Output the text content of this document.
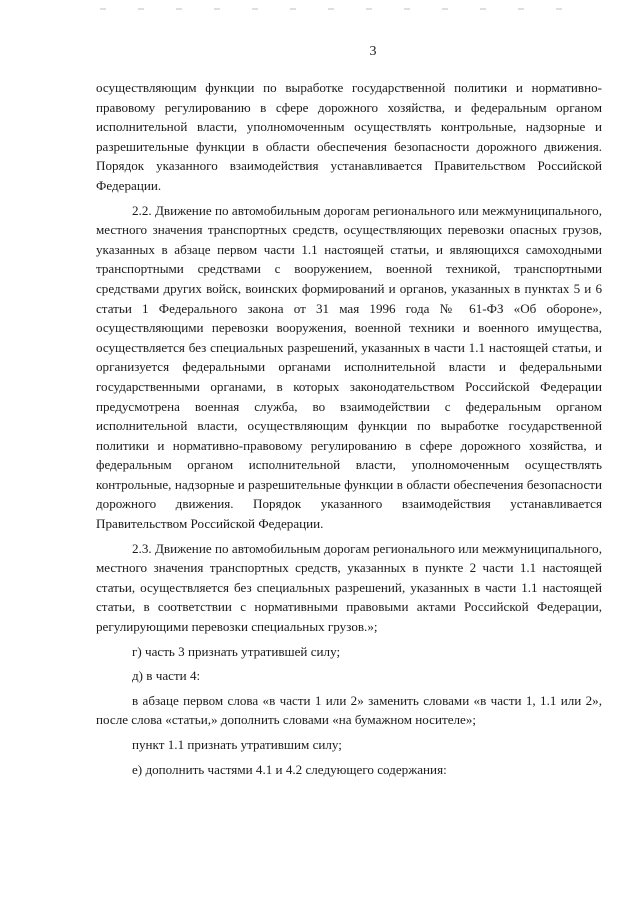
3

осуществляющим функции по выработке государственной политики и нормативно-правовому регулированию в сфере дорожного хозяйства, и федеральным органом исполнительной власти, уполномоченным осуществлять контрольные, надзорные и разрешительные функции в области обеспечения безопасности дорожного движения. Порядок указанного взаимодействия устанавливается Правительством Российской Федерации.

2.2. Движение по автомобильным дорогам регионального или межмуниципального, местного значения транспортных средств, осуществляющих перевозки опасных грузов, указанных в абзаце первом части 1.1 настоящей статьи, и являющихся самоходными транспортными средствами с вооружением, военной техникой, транспортными средствами других войск, воинских формирований и органов, указанных в пунктах 5 и 6 статьи 1 Федерального закона от 31 мая 1996 года № 61-ФЗ «Об обороне», осуществляющими перевозки вооружения, военной техники и военного имущества, осуществляется без специальных разрешений, указанных в части 1.1 настоящей статьи, и организуется федеральными органами исполнительной власти и федеральными государственными органами, в которых законодательством Российской Федерации предусмотрена военная служба, во взаимодействии с федеральным органом исполнительной власти, осуществляющим функции по выработке государственной политики и нормативно-правовому регулированию в сфере дорожного хозяйства, и федеральным органом исполнительной власти, уполномоченным осуществлять контрольные, надзорные и разрешительные функции в области обеспечения безопасности дорожного движения. Порядок указанного взаимодействия устанавливается Правительством Российской Федерации.

2.3. Движение по автомобильным дорогам регионального или межмуниципального, местного значения транспортных средств, указанных в пункте 2 части 1.1 настоящей статьи, осуществляется без специальных разрешений, указанных в части 1.1 настоящей статьи, в соответствии с нормативными правовыми актами Российской Федерации, регулирующими перевозки специальных грузов.»;

г) часть 3 признать утратившей силу;

д) в части 4:

в абзаце первом слова «в части 1 или 2» заменить словами «в части 1, 1.1 или 2», после слова «статьи,» дополнить словами «на бумажном носителе»;

пункт 1.1 признать утратившим силу;

е) дополнить частями 4.1 и 4.2 следующего содержания:
